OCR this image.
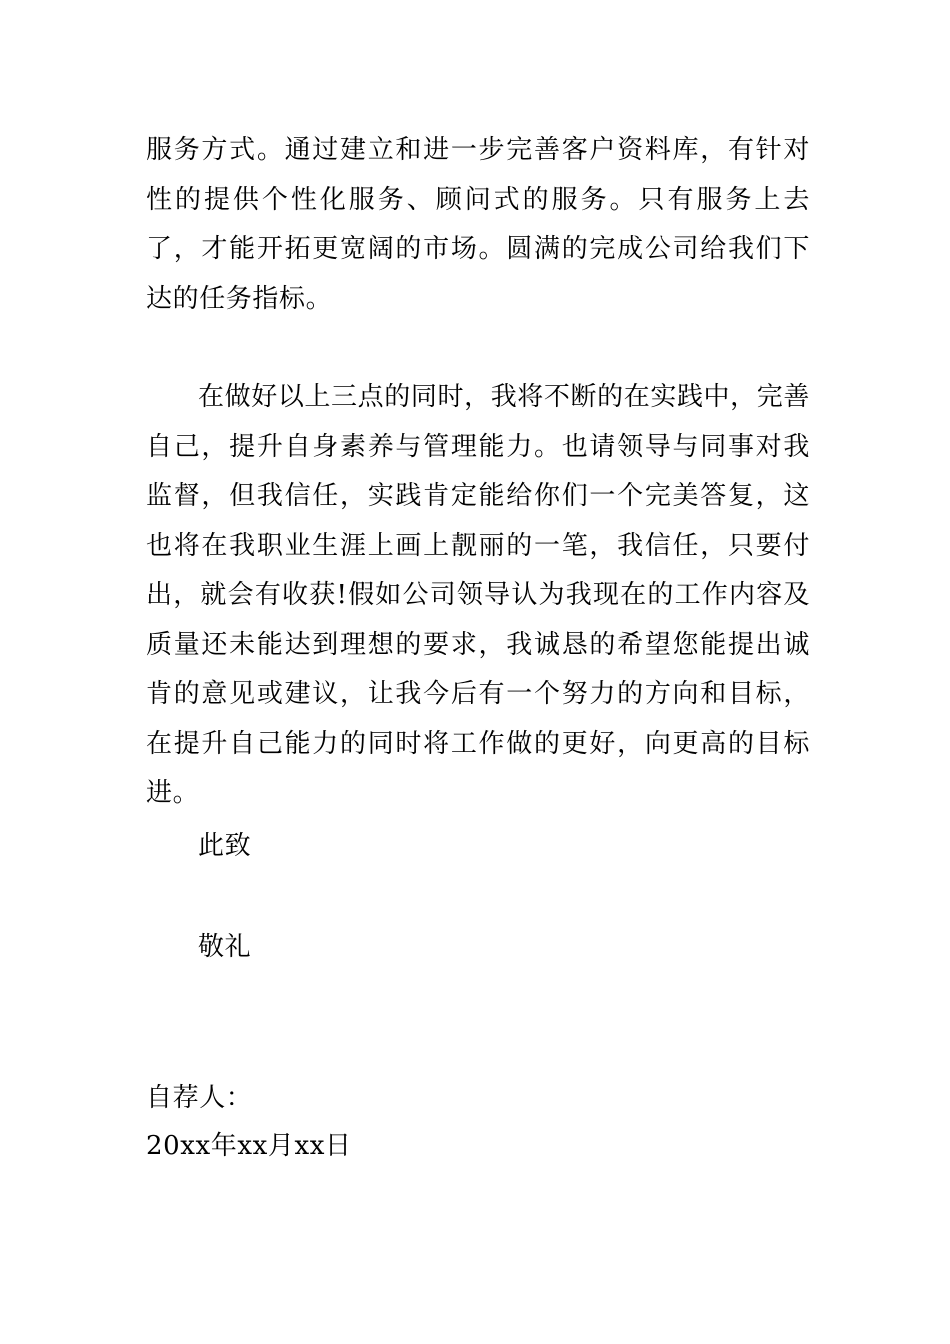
服务方式。通过建立和进一步完善客户资料库，有针对性的提供个性化服务、顾问式的服务。只有服务上去了，才能开拓更宽阔的市场。圆满的完成公司给我们下达的任务指标。

在做好以上三点的同时，我将不断的在实践中，完善自己，提升自身素养与管理能力。也请领导与同事对我监督，但我信任，实践肯定能给你们一个完美答复，这也将在我职业生涯上画上靓丽的一笔，我信任，只要付出，就会有收获!假如公司领导认为我现在的工作内容及质量还未能达到理想的要求，我诚恳的希望您能提出诚肯的意见或建议，让我今后有一个努力的方向和目标，在提升自己能力的同时将工作做的更好，向更高的目标进。

此致

敬礼

自荐人：

20xx年xx月xx日
